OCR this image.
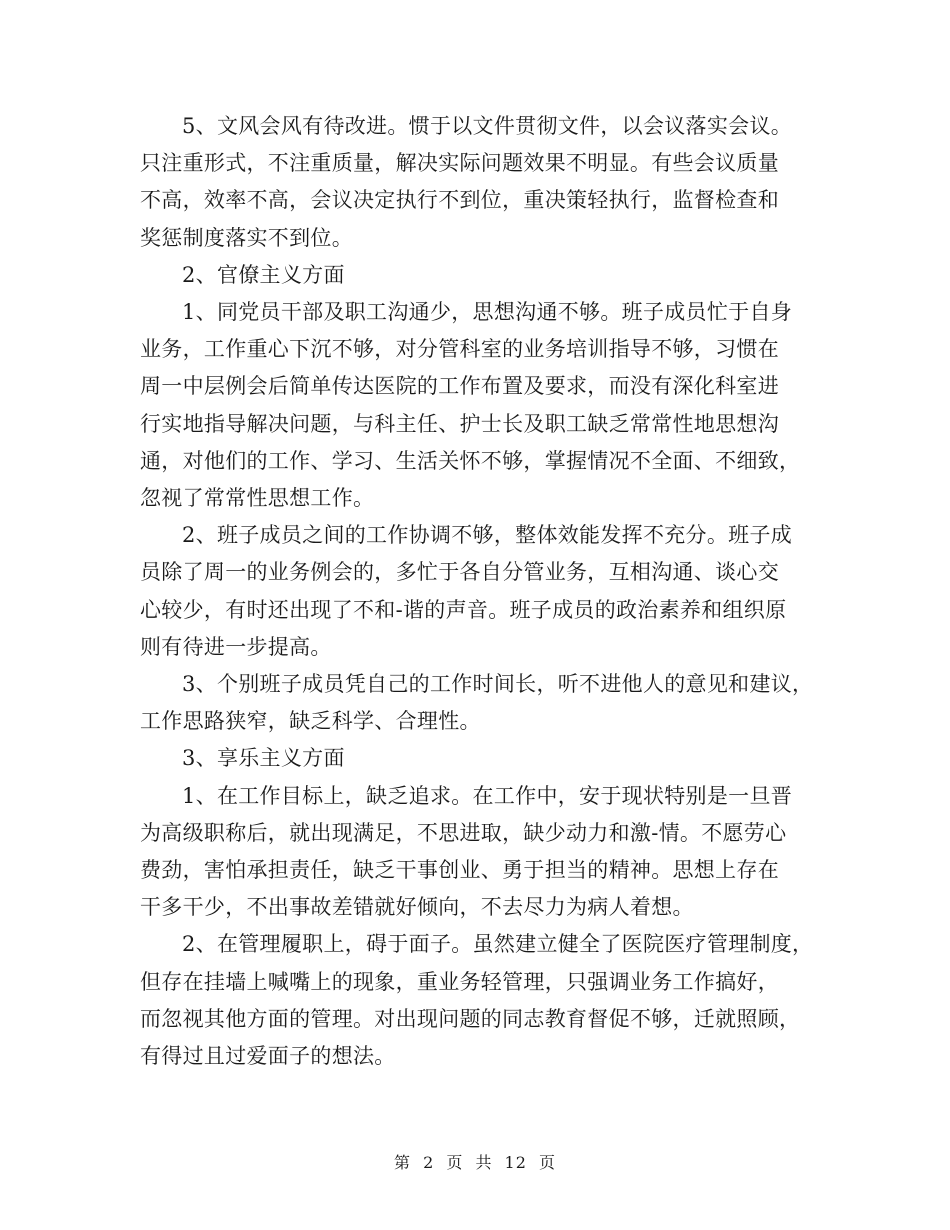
5、文风会风有待改进。惯于以文件贯彻文件，以会议落实会议。
只注重形式，不注重质量，解决实际问题效果不明显。有些会议质量
不高，效率不高，会议决定执行不到位，重决策轻执行，监督检查和
奖惩制度落实不到位。

2、官僚主义方面

1、同党员干部及职工沟通少，思想沟通不够。班子成员忙于自身
业务，工作重心下沉不够，对分管科室的业务培训指导不够，习惯在
周一中层例会后简单传达医院的工作布置及要求，而没有深化科室进
行实地指导解决问题，与科主任、护士长及职工缺乏常常性地思想沟
通，对他们的工作、学习、生活关怀不够，掌握情况不全面、不细致，
忽视了常常性思想工作。

2、班子成员之间的工作协调不够，整体效能发挥不充分。班子成
员除了周一的业务例会的，多忙于各自分管业务，互相沟通、谈心交
心较少，有时还出现了不和-谐的声音。班子成员的政治素养和组织原
则有待进一步提高。

3、个别班子成员凭自己的工作时间长，听不进他人的意见和建议，
工作思路狭窄，缺乏科学、合理性。

3、享乐主义方面

1、在工作目标上，缺乏追求。在工作中，安于现状特别是一旦晋
为高级职称后，就出现满足，不思进取，缺少动力和激-情。不愿劳心
费劲，害怕承担责任，缺乏干事创业、勇于担当的精神。思想上存在
干多干少，不出事故差错就好倾向，不去尽力为病人着想。

2、在管理履职上，碍于面子。虽然建立健全了医院医疗管理制度，
但存在挂墙上喊嘴上的现象，重业务轻管理，只强调业务工作搞好，
而忽视其他方面的管理。对出现问题的同志教育督促不够，迁就照顾，
有得过且过爱面子的想法。

第 2 页 共 12 页
